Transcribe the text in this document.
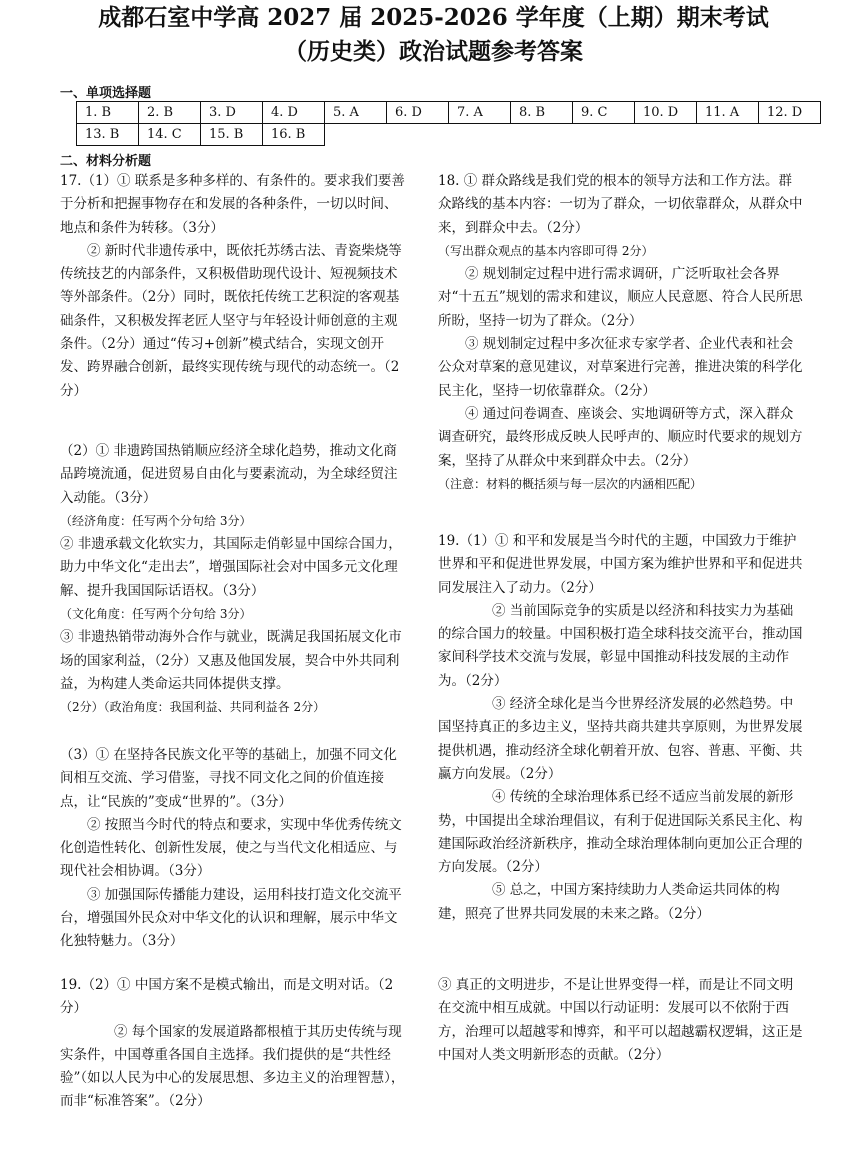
成都石室中学高 2027 届 2025-2026 学年度（上期）期末考试
（历史类）政治试题参考答案
一、单项选择题
1. B	2. B	3. D	4. D	5. A	6. D	7. A	8. B	9. C	10. D	11. A	12. D
13. B	14. C	15. B	16. B								
二、材料分析题

17.（1）① 联系是多种多样的、有条件的。要求我们要善于分析和把握事物存在和发展的各种条件，一切以时间、地点和条件为转移。（3分）

② 新时代非遗传承中，既依托苏绣古法、青瓷柴烧等传统技艺的内部条件，又积极借助现代设计、短视频技术等外部条件。（2分）同时，既依托传统工艺积淀的客观基础条件，又积极发挥老匠人坚守与年轻设计师创意的主观条件。（2分）通过“传习+创新”模式结合，实现文创开发、跨界融合创新，最终实现传统与现代的动态统一。（2分）

（2）① 非遗跨国热销顺应经济全球化趋势，推动文化商品跨境流通，促进贸易自由化与要素流动，为全球经贸注入动能。（3分）

（经济角度：任写两个分句给 3分）

② 非遗承载文化软实力，其国际走俏彰显中国综合国力，助力中华文化“走出去”，增强国际社会对中国多元文化理解、提升我国国际话语权。（3分）

（文化角度：任写两个分句给 3分）

③ 非遗热销带动海外合作与就业，既满足我国拓展文化市场的国家利益，（2分）又惠及他国发展，契合中外共同利益，为构建人类命运共同体提供支撑。

（2分）（政治角度：我国利益、共同利益各 2分）

（3）① 在坚持各民族文化平等的基础上，加强不同文化间相互交流、学习借鉴，寻找不同文化之间的价值连接点，让“民族的”变成“世界的”。（3分）

② 按照当今时代的特点和要求，实现中华优秀传统文化创造性转化、创新性发展，使之与当代文化相适应、与现代社会相协调。（3分）

③ 加强国际传播能力建设，运用科技打造文化交流平台，增强国外民众对中华文化的认识和理解，展示中华文化独特魅力。（3分）

19.（2）① 中国方案不是模式输出，而是文明对话。（2分）

② 每个国家的发展道路都根植于其历史传统与现实条件，中国尊重各国自主选择。我们提供的是“共性经验”（如以人民为中心的发展思想、多边主义的治理智慧），而非“标准答案”。（2分）

18. ① 群众路线是我们党的根本的领导方法和工作方法。群众路线的基本内容：一切为了群众，一切依靠群众，从群众中来，到群众中去。（2分）

（写出群众观点的基本内容即可得 2分）

② 规划制定过程中进行需求调研，广泛听取社会各界对“十五五”规划的需求和建议，顺应人民意愿、符合人民所思所盼，坚持一切为了群众。（2分）

③ 规划制定过程中多次征求专家学者、企业代表和社会公众对草案的意见建议，对草案进行完善，推进决策的科学化民主化，坚持一切依靠群众。（2分）

④ 通过问卷调查、座谈会、实地调研等方式，深入群众调查研究，最终形成反映人民呼声的、顺应时代要求的规划方案，坚持了从群众中来到群众中去。（2分）

（注意：材料的概括须与每一层次的内涵相匹配）

19.（1）① 和平和发展是当今时代的主题，中国致力于维护世界和平和促进世界发展，中国方案为维护世界和平和促进共同发展注入了动力。（2分）

② 当前国际竞争的实质是以经济和科技实力为基础的综合国力的较量。中国积极打造全球科技交流平台，推动国家间科学技术交流与发展，彰显中国推动科技发展的主动作为。（2分）

③ 经济全球化是当今世界经济发展的必然趋势。中国坚持真正的多边主义，坚持共商共建共享原则，为世界发展提供机遇，推动经济全球化朝着开放、包容、普惠、平衡、共赢方向发展。（2分）

④ 传统的全球治理体系已经不适应当前发展的新形势，中国提出全球治理倡议，有利于促进国际关系民主化、构建国际政治经济新秩序，推动全球治理体制向更加公正合理的方向发展。（2分）

⑤ 总之，中国方案持续助力人类命运共同体的构建，照亮了世界共同发展的未来之路。（2分）

③ 真正的文明进步，不是让世界变得一样，而是让不同文明在交流中相互成就。中国以行动证明：发展可以不依附于西方，治理可以超越零和博弈，和平可以超越霸权逻辑，这正是中国对人类文明新形态的贡献。（2分）
